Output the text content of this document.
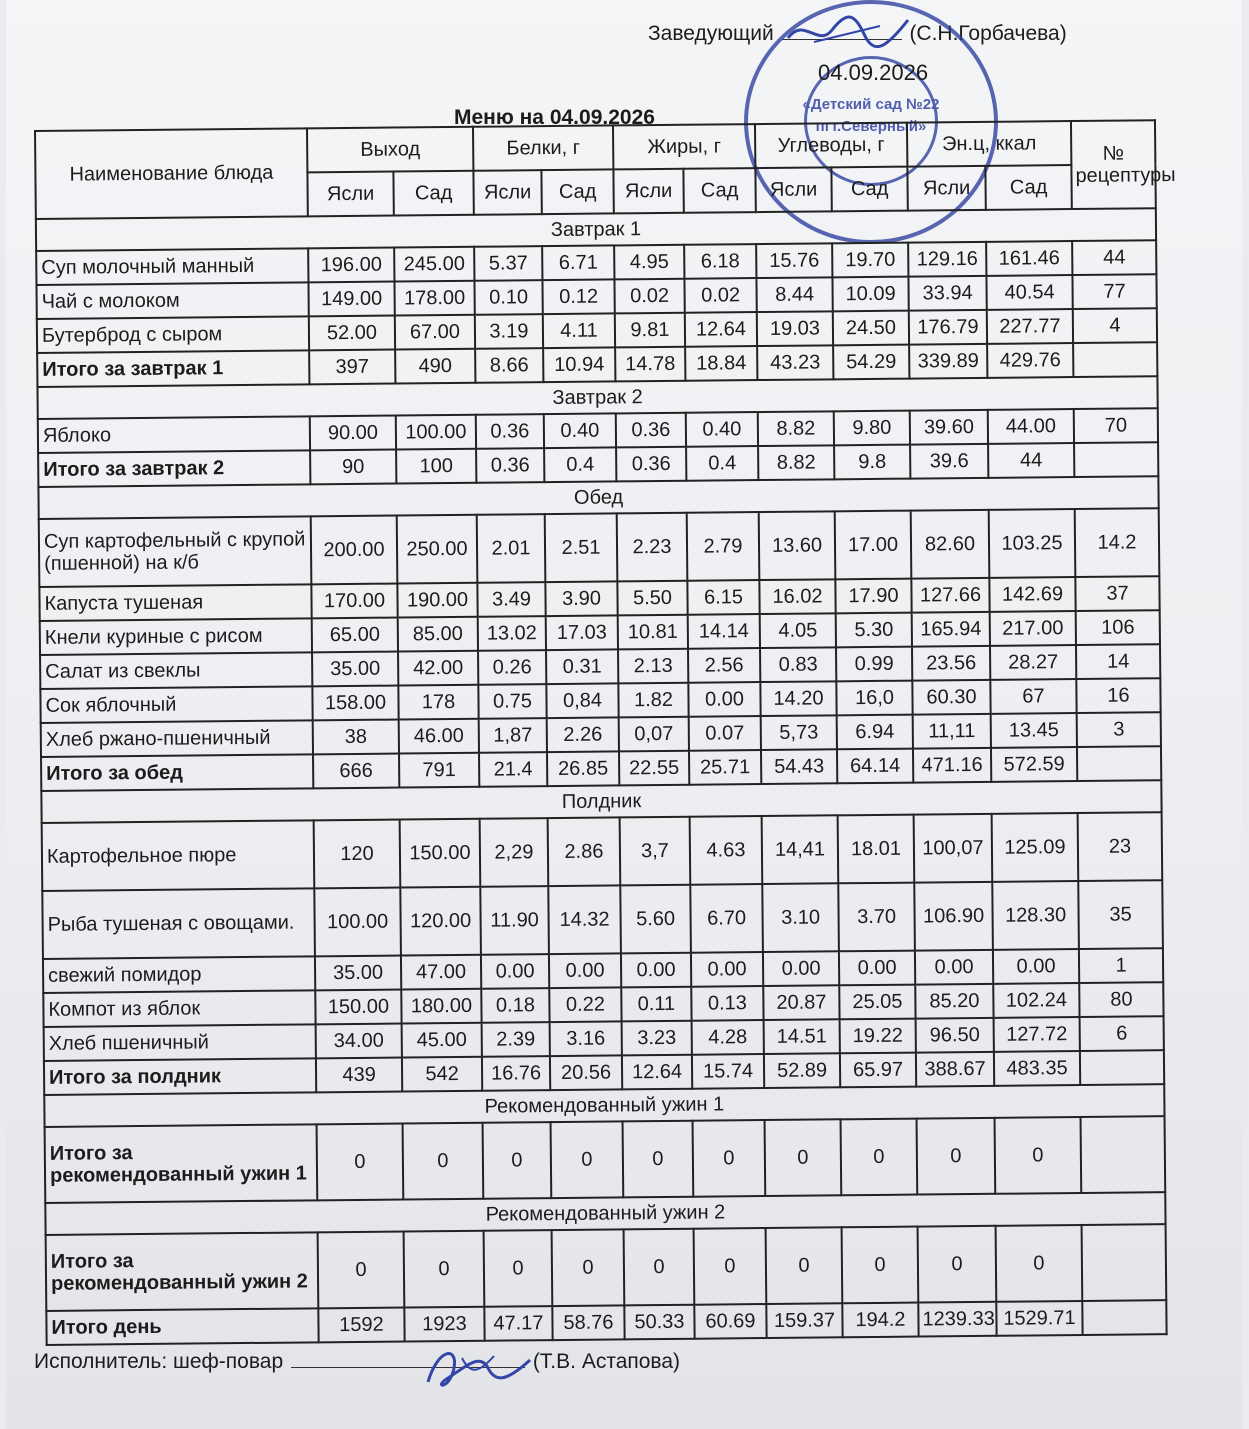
Заведующий	(С.Н.Горбачева)
«Детский сад №22
пгт.Северный»
04.09.2026
Меню на 04.09.2026
Наименование блюда	Выход		Белки, г		Жиры, г		Углеводы, г		Эн.ц, ккал		№ рецептуры
	Ясли	Сад	Ясли	Сад	Ясли	Сад	Ясли	Сад	Ясли	Сад	
Завтрак 1											
Суп молочный манный	196.00	245.00	5.37	6.71	4.95	6.18	15.76	19.70	129.16	161.46	44
Чай с молоком	149.00	178.00	0.10	0.12	0.02	0.02	8.44	10.09	33.94	40.54	77
Бутерброд с сыром	52.00	67.00	3.19	4.11	9.81	12.64	19.03	24.50	176.79	227.77	4
Итого за завтрак 1	397	490	8.66	10.94	14.78	18.84	43.23	54.29	339.89	429.76	
Завтрак 2											
Яблоко	90.00	100.00	0.36	0.40	0.36	0.40	8.82	9.80	39.60	44.00	70
Итого за завтрак 2	90	100	0.36	0.4	0.36	0.4	8.82	9.8	39.6	44	
Обед											
Суп картофельный с крупой (пшенной) на к/б	200.00	250.00	2.01	2.51	2.23	2.79	13.60	17.00	82.60	103.25	14.2
Капуста тушеная	170.00	190.00	3.49	3.90	5.50	6.15	16.02	17.90	127.66	142.69	37
Кнели куриные с рисом	65.00	85.00	13.02	17.03	10.81	14.14	4.05	5.30	165.94	217.00	106
Салат из свеклы	35.00	42.00	0.26	0.31	2.13	2.56	0.83	0.99	23.56	28.27	14
Сок яблочный	158.00	178	0.75	0,84	1.82	0.00	14.20	16,0	60.30	67	16
Хлеб ржано-пшеничный	38	46.00	1,87	2.26	0,07	0.07	5,73	6.94	11,11	13.45	3
Итого за обед	666	791	21.4	26.85	22.55	25.71	54.43	64.14	471.16	572.59	
Полдник											
Картофельное пюре	120	150.00	2,29	2.86	3,7	4.63	14,41	18.01	100,07	125.09	23
Рыба тушеная с овощами.	100.00	120.00	11.90	14.32	5.60	6.70	3.10	3.70	106.90	128.30	35
свежий помидор	35.00	47.00	0.00	0.00	0.00	0.00	0.00	0.00	0.00	0.00	1
Компот из яблок	150.00	180.00	0.18	0.22	0.11	0.13	20.87	25.05	85.20	102.24	80
Хлеб пшеничный	34.00	45.00	2.39	3.16	3.23	4.28	14.51	19.22	96.50	127.72	6
Итого за полдник	439	542	16.76	20.56	12.64	15.74	52.89	65.97	388.67	483.35	
Рекомендованный ужин 1											
Итого за рекомендованный ужин 1	0	0	0	0	0	0	0	0	0	0	
Рекомендованный ужин 2											
Итого за рекомендованный ужин 2	0	0	0	0	0	0	0	0	0	0	
Итого день	1592	1923	47.17	58.76	50.33	60.69	159.37	194.2	1239.33	1529.71	
Исполнитель: шеф-повар	(Т.В. Астапова)
